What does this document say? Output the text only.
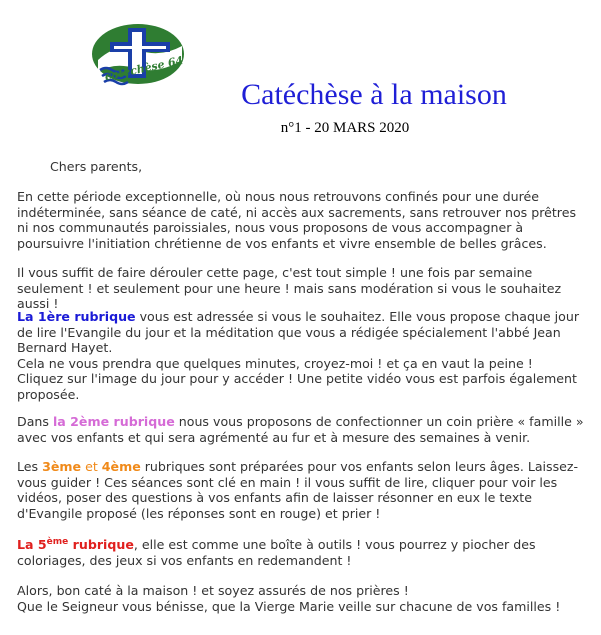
catéchèse 64
Catéchèse à la maison
n°1 - 20 MARS 2020

Chers parents,

En cette période exceptionnelle, où nous nous retrouvons confinés pour une durée indéterminée, sans séance de caté, ni accès aux sacrements, sans retrouver nos prêtres ni nos communautés paroissiales, nous vous proposons de vous accompagner à poursuivre l'initiation chrétienne de vos enfants et vivre ensemble de belles grâces.

Il vous suffit de faire dérouler cette page, c'est tout simple ! une fois par semaine seulement ! et seulement pour une heure ! mais sans modération si vous le souhaitez aussi !

La 1ère rubrique vous est adressée si vous le souhaitez. Elle vous propose chaque jour de lire l'Evangile du jour et la méditation que vous a rédigée spécialement l'abbé Jean Bernard Hayet.
Cela ne vous prendra que quelques minutes, croyez-moi ! et ça en vaut la peine !
Cliquez sur l'image du jour pour y accéder ! Une petite vidéo vous est parfois également proposée.

Dans la 2ème rubrique nous vous proposons de confectionner un coin prière « famille » avec vos enfants et qui sera agrémenté au fur et à mesure des semaines à venir.

Les 3ème et 4ème rubriques sont préparées pour vos enfants selon leurs âges. Laissez-vous guider ! Ces séances sont clé en main ! il vous suffit de lire, cliquer pour voir les vidéos, poser des questions à vos enfants afin de laisser résonner en eux le texte d'Evangile proposé (les réponses sont en rouge) et prier !

La 5ème rubrique, elle est comme une boîte à outils ! vous pourrez y piocher des coloriages, des jeux si vos enfants en redemandent !

Alors, bon caté à la maison ! et soyez assurés de nos prières !
Que le Seigneur vous bénisse, que la Vierge Marie veille sur chacune de vos familles !
